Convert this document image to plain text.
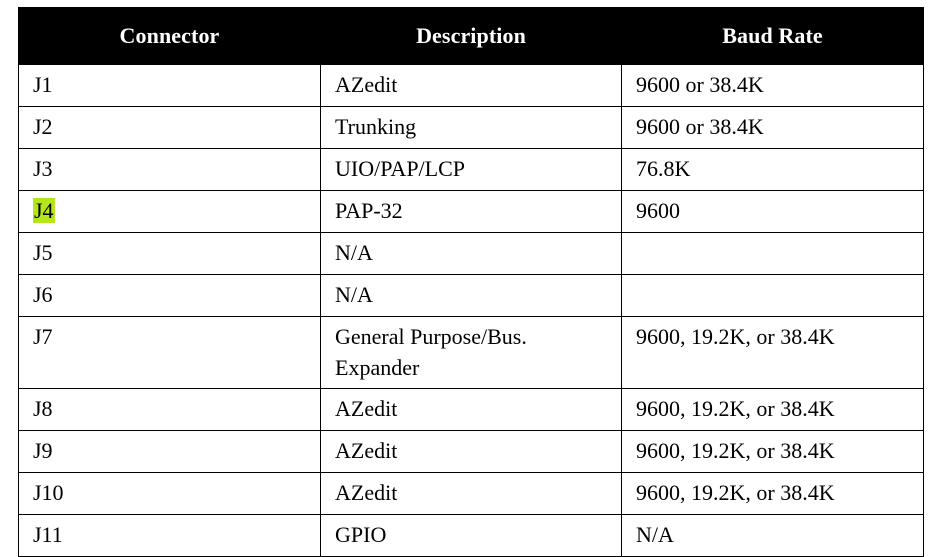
Connector	Description	Baud Rate
J1	AZedit	9600 or 38.4K
J2	Trunking	9600 or 38.4K
J3	UIO/PAP/LCP	76.8K
J4	PAP-32	9600
J5	N/A	
J6	N/A	
J7	General Purpose/Bus. Expander	9600, 19.2K, or 38.4K
J8	AZedit	9600, 19.2K, or 38.4K
J9	AZedit	9600, 19.2K, or 38.4K
J10	AZedit	9600, 19.2K, or 38.4K
J11	GPIO	N/A
